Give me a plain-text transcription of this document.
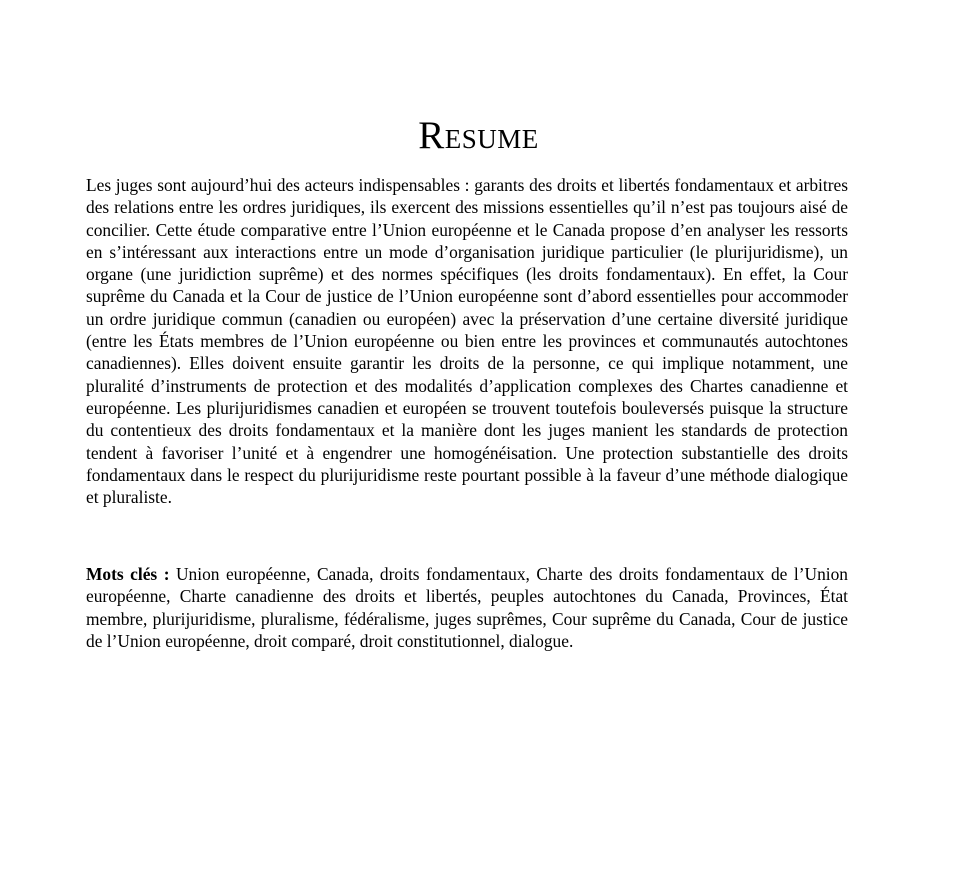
Resume

Les juges sont aujourd’hui des acteurs indispensables : garants des droits et libertés fondamentaux et arbitres des relations entre les ordres juridiques, ils exercent des missions essentielles qu’il n’est pas toujours aisé de concilier. Cette étude comparative entre l’Union européenne et le Canada propose d’en analyser les ressorts en s’intéressant aux interactions entre un mode d’organisation juridique particulier (le plurijuridisme), un organe (une juridiction suprême) et des normes spécifiques (les droits fondamentaux). En effet, la Cour suprême du Canada et la Cour de justice de l’Union européenne sont d’abord essentielles pour accommoder un ordre juridique commun (canadien ou européen) avec la préservation d’une certaine diversité juridique (entre les États membres de l’Union européenne ou bien entre les provinces et communautés autochtones canadiennes). Elles doivent ensuite garantir les droits de la personne, ce qui implique notamment, une pluralité d’instruments de protection et des modalités d’application complexes des Chartes canadienne et européenne. Les plurijuridismes canadien et européen se trouvent toutefois bouleversés puisque la structure du contentieux des droits fondamentaux et la manière dont les juges manient les standards de protection tendent à favoriser l’unité et à engendrer une homogénéisation. Une protection substantielle des droits fondamentaux dans le respect du plurijuridisme reste pourtant possible à la faveur d’une méthode dialogique et pluraliste.

Mots clés : Union européenne, Canada, droits fondamentaux, Charte des droits fondamentaux de l’Union européenne, Charte canadienne des droits et libertés, peuples autochtones du Canada, Provinces, État membre, plurijuridisme, pluralisme, fédéralisme, juges suprêmes, Cour suprême du Canada, Cour de justice de l’Union européenne, droit comparé, droit constitutionnel, dialogue.
